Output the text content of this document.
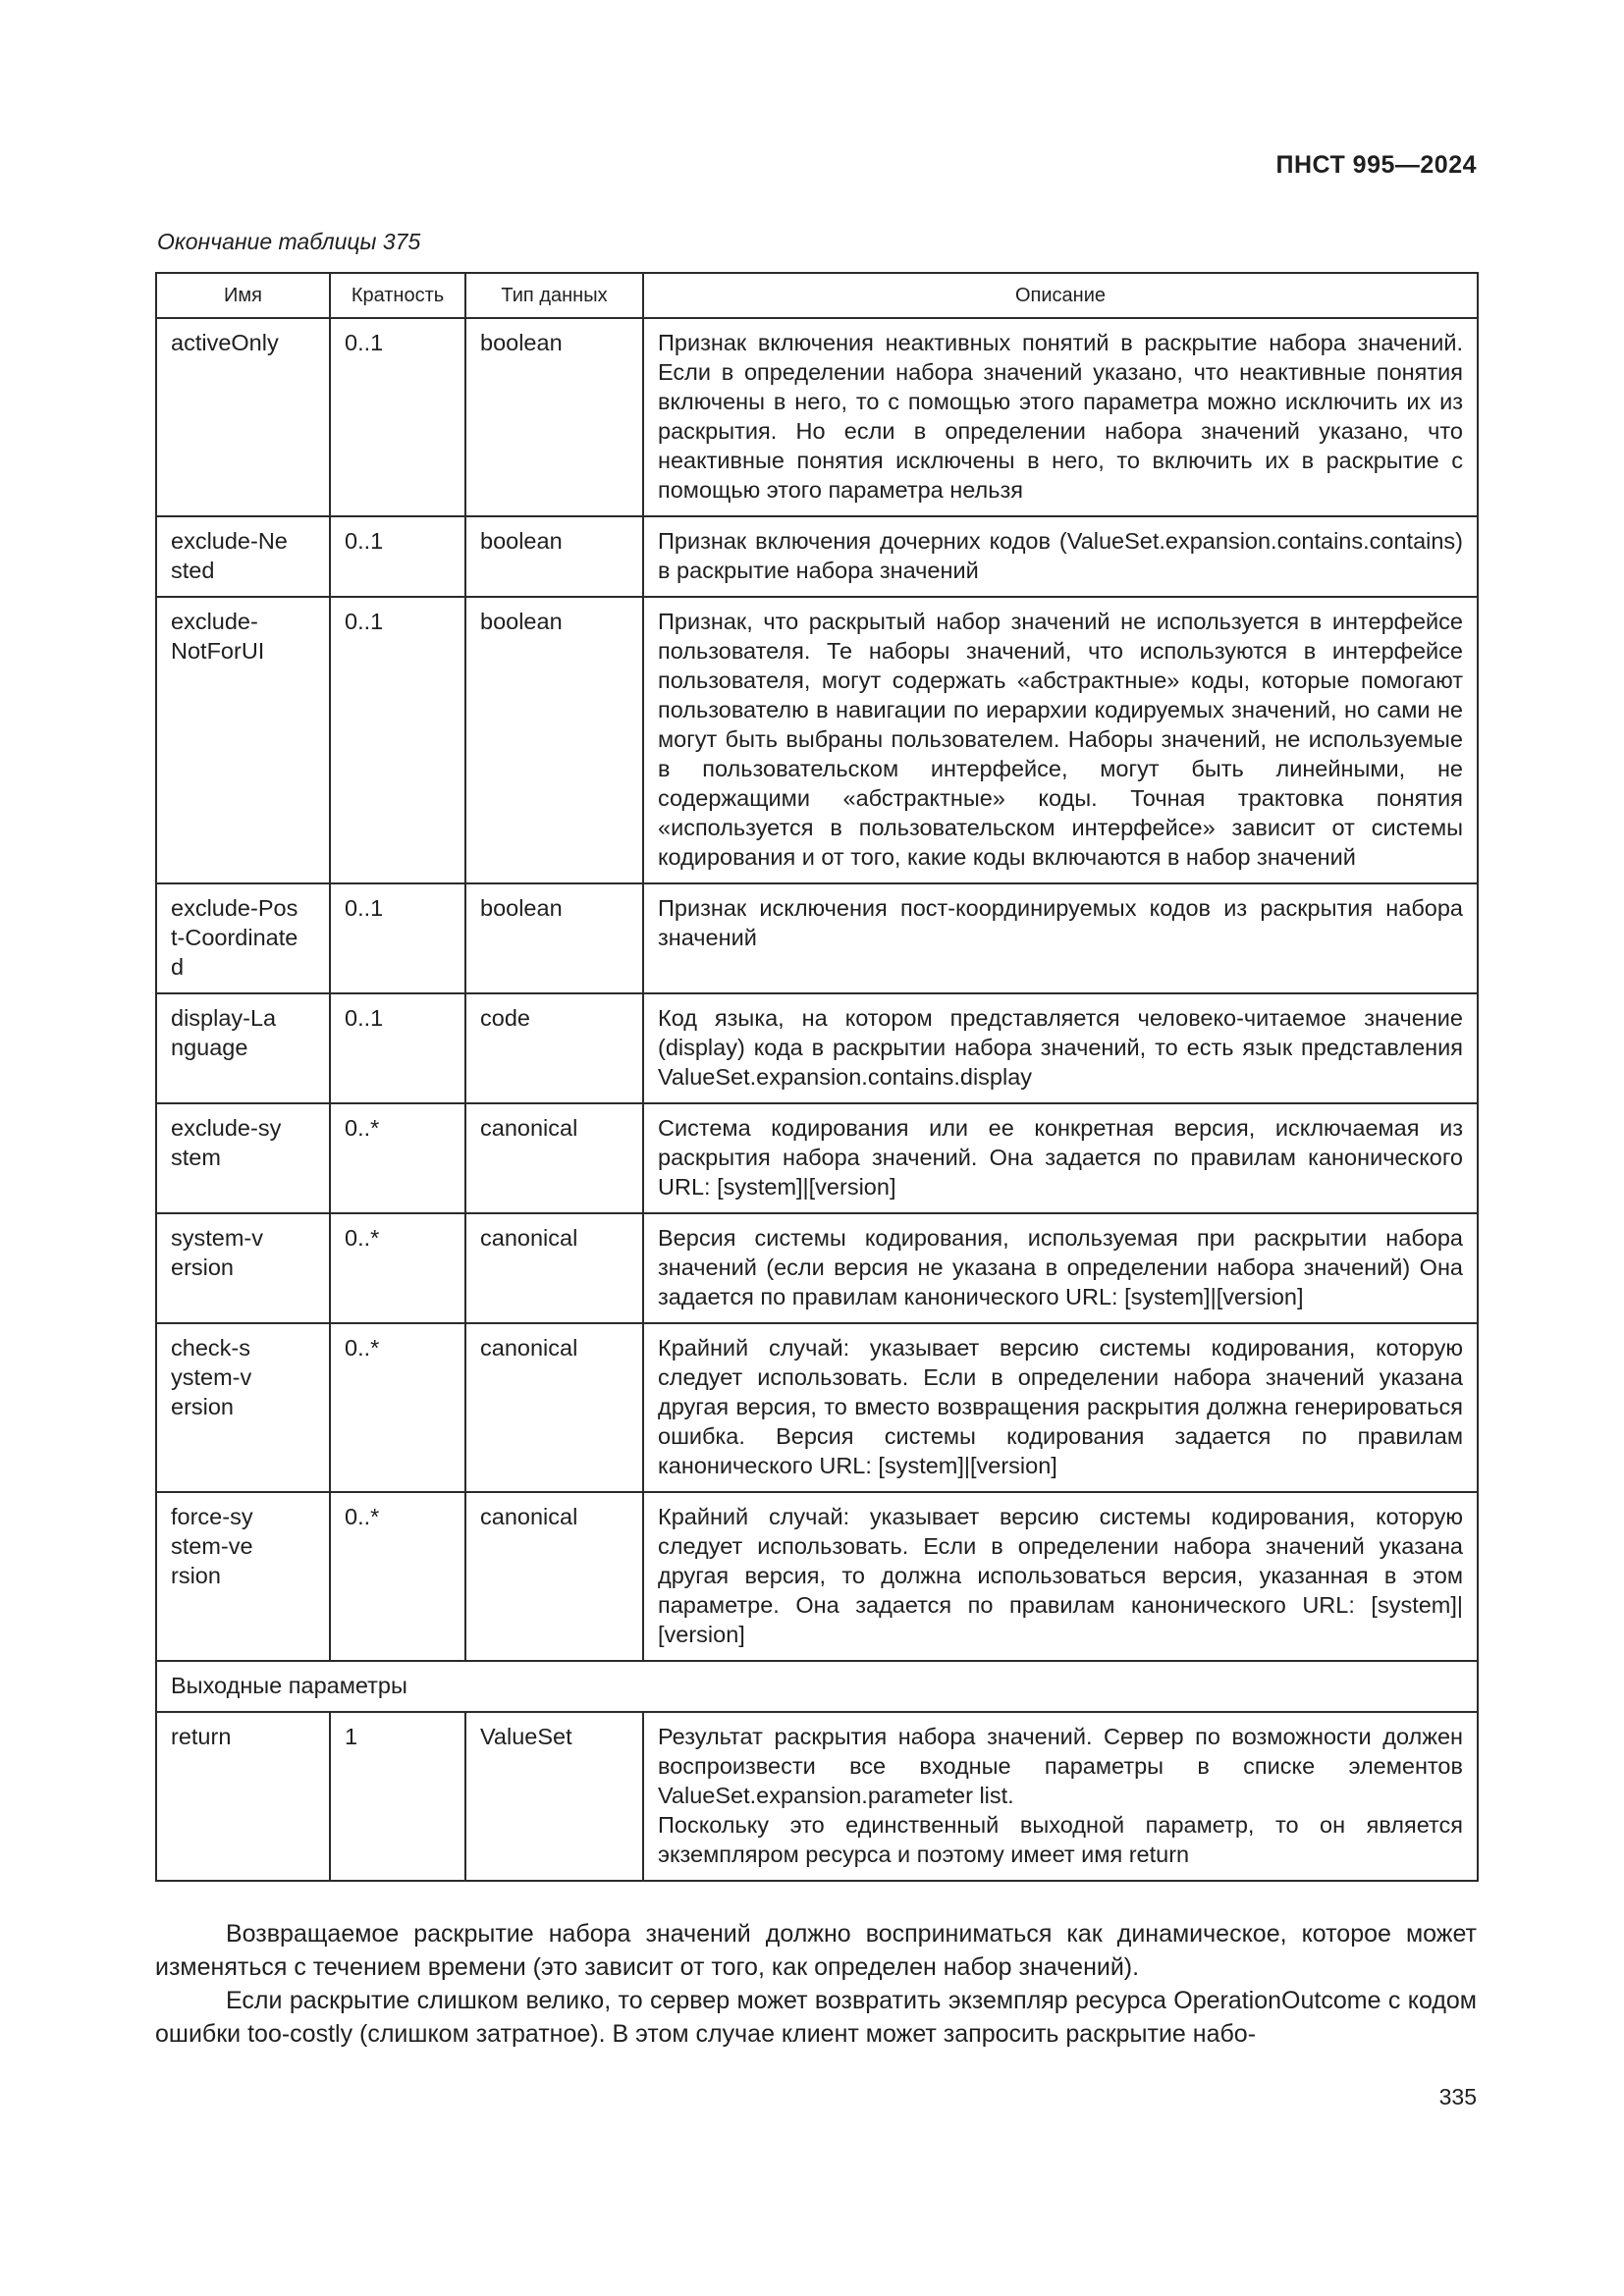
ПНСТ 995—2024
Окончание таблицы 375
Имя	Кратность	Тип данных	Описание
activeOnly	0..1	boolean	Признак включения неактивных понятий в раскрытие набора значений. Если в определении набора значений указано, что неактивные понятия включены в него, то с помощью этого параметра можно исключить их из раскрытия. Но если в определении набора значений указано, что неактивные понятия исключены в него, то включить их в раскрытие с помощью этого параметра нельзя
exclude-Nested	0..1	boolean	Признак включения дочерних кодов (ValueSet.expansion.contains.contains) в раскрытие набора значений
exclude-NotForUI	0..1	boolean	Признак, что раскрытый набор значений не используется в интерфейсе пользователя. Те наборы значений, что используются в интерфейсе пользователя, могут содержать «абстрактные» коды, которые помогают пользователю в навигации по иерархии кодируемых значений, но сами не могут быть выбраны пользователем. Наборы значений, не используемые в пользовательском интерфейсе, могут быть линейными, не содержащими «абстрактные» коды. Точная трактовка понятия «используется в пользовательском интерфейсе» зависит от системы кодирования и от того, какие коды включаются в набор значений
exclude-Post-Coordinated	0..1	boolean	Признак исключения пост-координируемых кодов из раскрытия набора значений
display-Language	0..1	code	Код языка, на котором представляется человеко-читаемое значение (display) кода в раскрытии набора значений, то есть язык представления ValueSet.expansion.contains.display
exclude-system	0..*	canonical	Система кодирования или ее конкретная версия, исключаемая из раскрытия набора значений. Она задается по правилам канонического URL: [system]|[version]
system-version	0..*	canonical	Версия системы кодирования, используемая при раскрытии набора значений (если версия не указана в определении набора значений) Она задается по правилам канонического URL: [system]|[version]
check-system-version	0..*	canonical	Крайний случай: указывает версию системы кодирования, которую следует использовать. Если в определении набора значений указана другая версия, то вместо возвращения раскрытия должна генерироваться ошибка. Версия системы кодирования задается по правилам канонического URL: [system]|[version]
force-system-version	0..*	canonical	Крайний случай: указывает версию системы кодирования, которую следует использовать. Если в определении набора значений указана другая версия, то должна использоваться версия, указанная в этом параметре. Она задается по правилам канонического URL: [system]|[version]
Выходные параметры			
return	1	ValueSet	Результат раскрытия набора значений. Сервер по возможности должен воспроизвести все входные параметры в списке элементов ValueSet.expansion.parameter list.
Поскольку это единственный выходной параметр, то он является экземпляром ресурса и поэтому имеет имя return
Возвращаемое раскрытие набора значений должно восприниматься как динамическое, которое может изменяться с течением времени (это зависит от того, как определен набор значений).
Если раскрытие слишком велико, то сервер может возвратить экземпляр ресурса OperationOutcome с кодом ошибки too-costly (слишком затратное). В этом случае клиент может запросить раскрытие набо-
335
